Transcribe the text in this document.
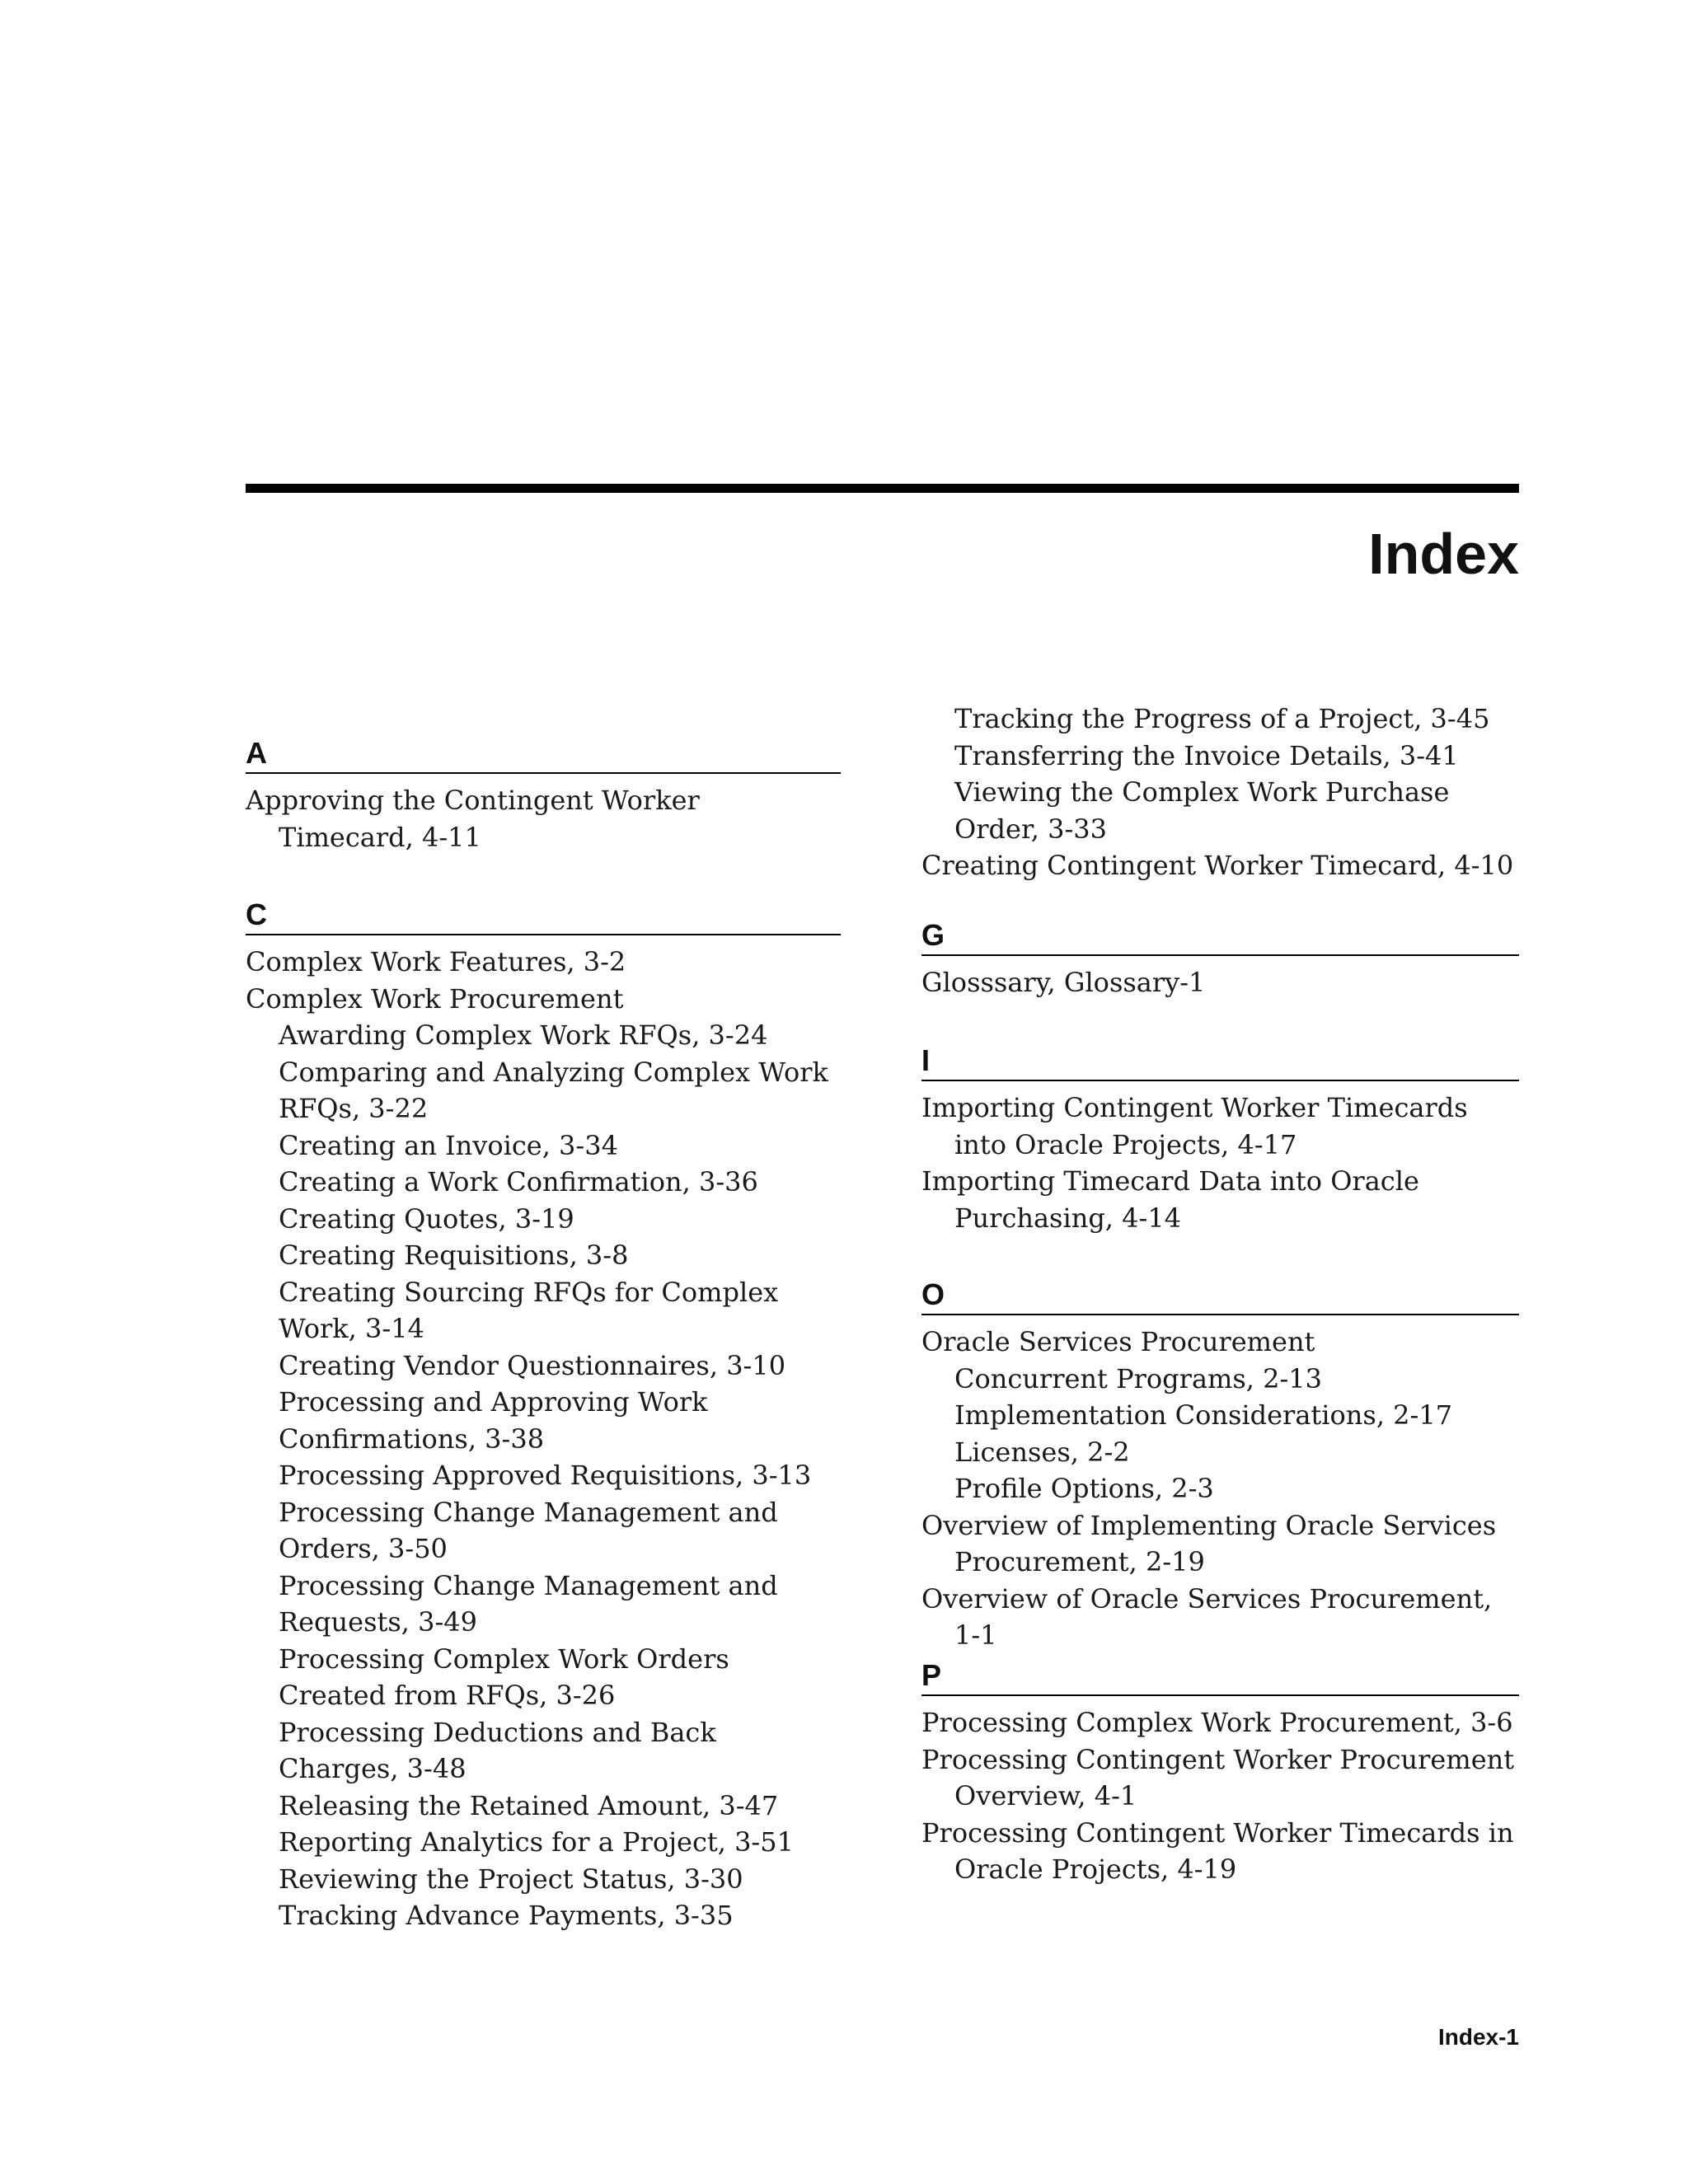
Index
A
Approving the Contingent Worker Timecard, 4-11
C
Complex Work Features, 3-2
Complex Work Procurement
Awarding Complex Work RFQs, 3-24
Comparing and Analyzing Complex Work RFQs, 3-22
Creating an Invoice, 3-34
Creating a Work Confirmation, 3-36
Creating Quotes, 3-19
Creating Requisitions, 3-8
Creating Sourcing RFQs for Complex Work, 3-14
Creating Vendor Questionnaires, 3-10
Processing and Approving Work Confirmations, 3-38
Processing Approved Requisitions, 3-13
Processing Change Management and Orders, 3-50
Processing Change Management and Requests, 3-49
Processing Complex Work Orders Created from RFQs, 3-26
Processing Deductions and Back Charges, 3-48
Releasing the Retained Amount, 3-47
Reporting Analytics for a Project, 3-51
Reviewing the Project Status, 3-30
Tracking Advance Payments, 3-35
Tracking the Progress of a Project, 3-45
Transferring the Invoice Details, 3-41
Viewing the Complex Work Purchase Order, 3-33
Creating Contingent Worker Timecard, 4-10
G
Glosssary, Glossary-1
I
Importing Contingent Worker Timecards into Oracle Projects, 4-17
Importing Timecard Data into Oracle Purchasing, 4-14
O
Oracle Services Procurement
Concurrent Programs, 2-13
Implementation Considerations, 2-17
Licenses, 2-2
Profile Options, 2-3
Overview of Implementing Oracle Services Procurement, 2-19
Overview of Oracle Services Procurement, 1-1
P
Processing Complex Work Procurement, 3-6
Processing Contingent Worker Procurement Overview, 4-1
Processing Contingent Worker Timecards in Oracle Projects, 4-19
Index-1
